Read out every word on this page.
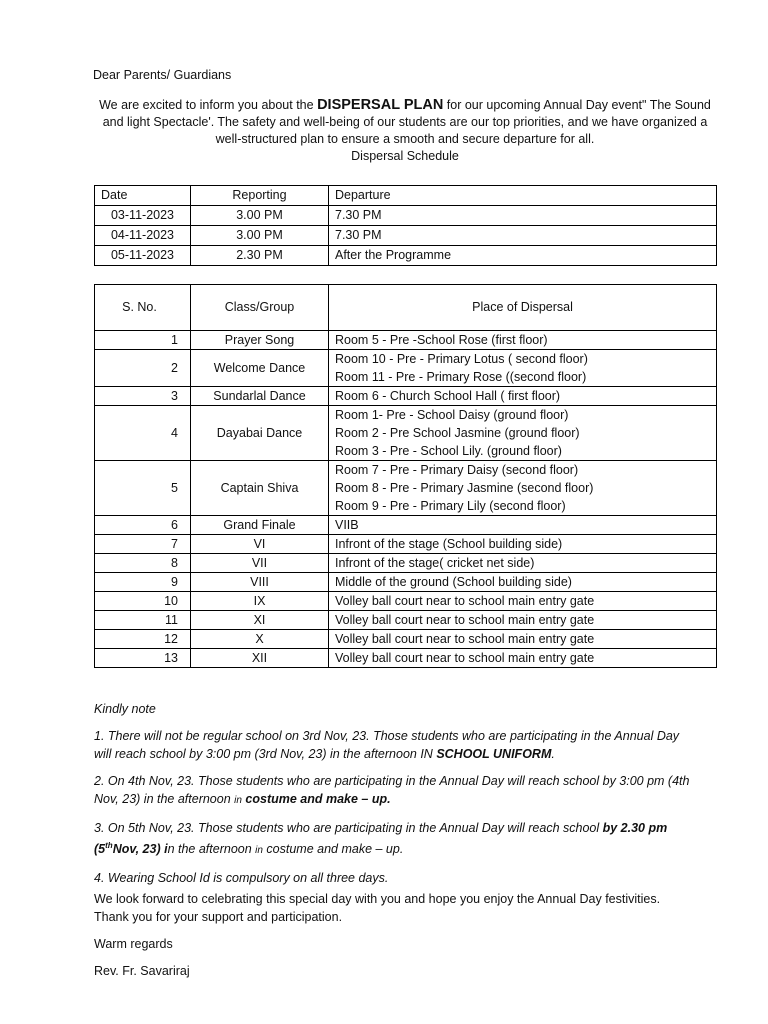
Dear Parents/ Guardians
We are excited to inform you about the DISPERSAL PLAN for our upcoming Annual Day event" The Sound and light Spectacle'. The safety and well-being of our students are our top priorities, and we have organized a well-structured plan to ensure a smooth and secure departure for all.
Dispersal Schedule
Date	Reporting	Departure
03-11-2023	3.00 PM	7.30 PM
04-11-2023	3.00 PM	7.30 PM
05-11-2023	2.30 PM	After the Programme
S. No.	Class/Group	Place of Dispersal
1	Prayer Song	Room 5 - Pre -School Rose (first floor)

2	Welcome Dance	Room 10 - Pre - Primary Lotus ( second floor)
Room 11 - Pre - Primary Rose ((second floor)

3	Sundarlal Dance	Room 6 - Church School Hall ( first floor)

4	Dayabai Dance	Room 1- Pre - School Daisy (ground floor)
Room 2 - Pre School Jasmine (ground floor)
Room 3 - Pre - School Lily. (ground floor)

5	Captain Shiva	Room 7 - Pre - Primary Daisy (second floor)
Room 8 - Pre - Primary Jasmine (second floor)
Room 9 - Pre - Primary Lily (second floor)

6	Grand Finale	VIIB

7	VI	Infront of the stage (School building side)

8	VII	Infront of the stage( cricket net side)

9	VIII	Middle of the ground (School building side)

10	IX	Volley ball court near to school main entry gate

11	XI	Volley ball court near to school main entry gate

12	X	Volley ball court near to school main entry gate

13	XII	Volley ball court near to school main entry gate

Kindly note

1. There will not be regular school on 3rd Nov, 23. Those students who are participating in the Annual Day will reach school by 3:00 pm (3rd Nov, 23) in the afternoon IN SCHOOL UNIFORM.

2. On 4th Nov, 23. Those students who are participating in the Annual Day will reach school by 3:00 pm (4th Nov, 23) in the afternoon in costume and make – up.

3. On 5th Nov, 23. Those students who are participating in the Annual Day will reach school by 2.30 pm (5thNov, 23) in the afternoon in costume and make – up.

4. Wearing School Id is compulsory on all three days.

We look forward to celebrating this special day with you and hope you enjoy the Annual Day festivities. Thank you for your support and participation.

Warm regards

Rev. Fr. Savariraj
